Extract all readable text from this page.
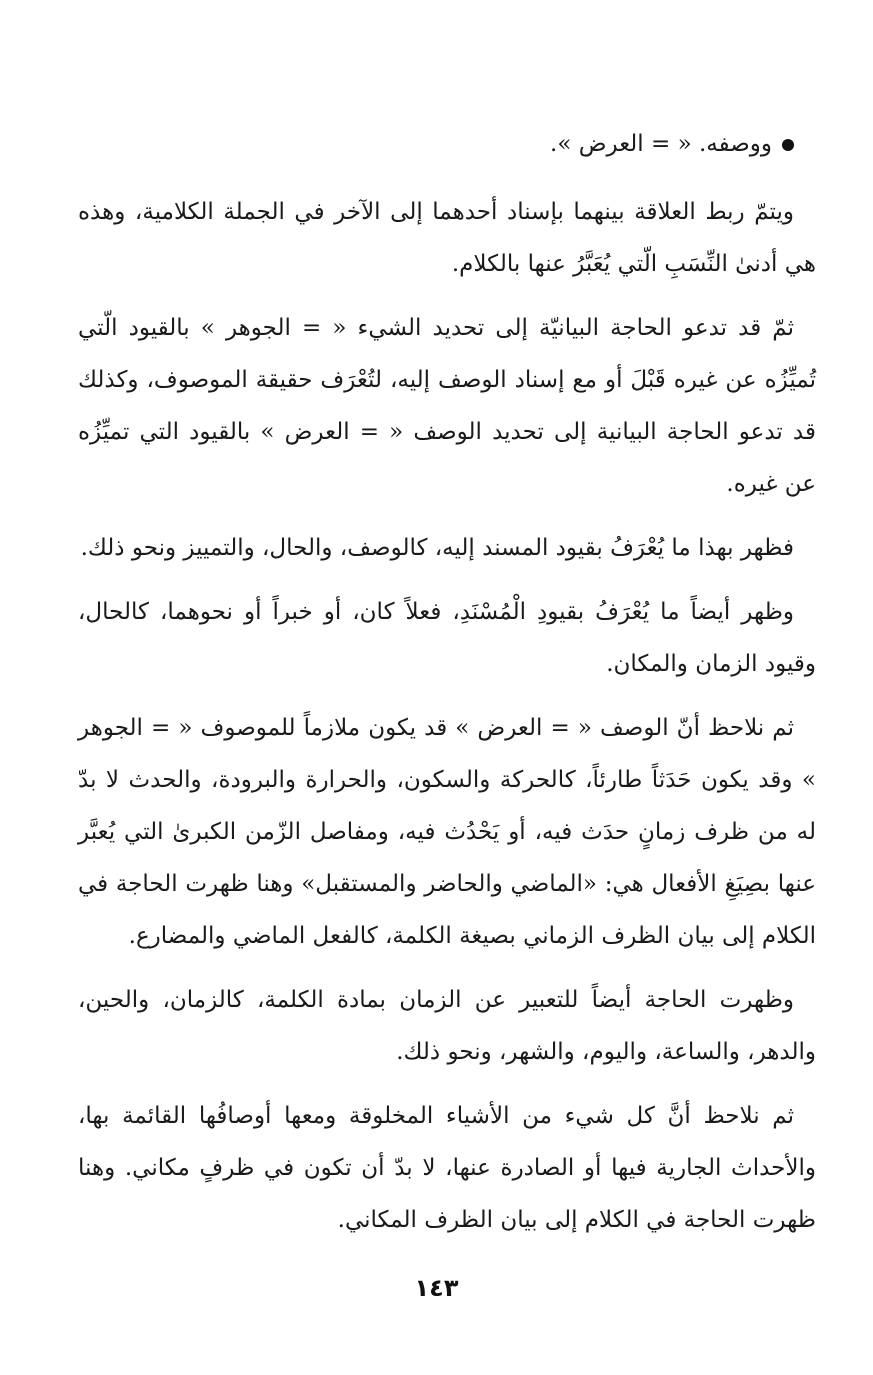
ووصفه. « = العرض ».

ويتمّ ربط العلاقة بينهما بإسناد أحدهما إلى الآخر في الجملة الكلامية، وهذه هي أدنىٰ النِّسَبِ الّتي يُعَبَّرُ عنها بالكلام.

ثمّ قد تدعو الحاجة البيانيّة إلى تحديد الشيء « = الجوهر » بالقيود الّتي تُميِّزُه عن غيره قَبْلَ أو مع إسناد الوصف إليه، لتُعْرَف حقيقة الموصوف، وكذلك قد تدعو الحاجة البيانية إلى تحديد الوصف « = العرض » بالقيود التي تميِّزُه عن غيره.

فظهر بهذا ما يُعْرَفُ بقيود المسند إليه، كالوصف، والحال، والتمييز ونحو ذلك.

وظهر أيضاً ما يُعْرَفُ بقيودِ الْمُسْنَدِ، فعلاً كان، أو خبراً أو نحوهما، كالحال، وقيود الزمان والمكان.

ثم نلاحظ أنّ الوصف « = العرض » قد يكون ملازماً للموصوف « = الجوهر » وقد يكون حَدَثاً طارئاً، كالحركة والسكون، والحرارة والبرودة، والحدث لا بدّ له من ظرف زمانٍ حدَث فيه، أو يَحْدُث فيه، ومفاصل الزّمن الكبرىٰ التي يُعبَّر عنها بصِيَغِ الأفعال هي: «الماضي والحاضر والمستقبل» وهنا ظهرت الحاجة في الكلام إلى بيان الظرف الزماني بصيغة الكلمة، كالفعل الماضي والمضارع.

وظهرت الحاجة أيضاً للتعبير عن الزمان بمادة الكلمة، كالزمان، والحين، والدهر، والساعة، واليوم، والشهر، ونحو ذلك.

ثم نلاحظ أنَّ كل شيء من الأشياء المخلوقة ومعها أوصافُها القائمة بها، والأحداث الجارية فيها أو الصادرة عنها، لا بدّ أن تكون في ظرفٍ مكاني. وهنا ظهرت الحاجة في الكلام إلى بيان الظرف المكاني.

١٤٣
